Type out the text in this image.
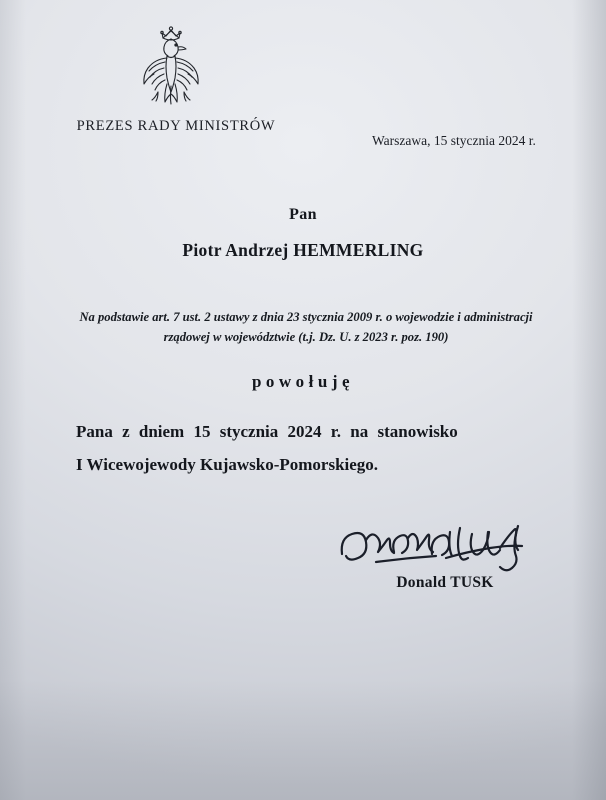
PREZES RADY MINISTRÓW
Warszawa, 15 stycznia 2024 r.
Pan
Piotr Andrzej HEMMERLING
Na podstawie art. 7 ust. 2 ustawy z dnia 23 stycznia 2009 r. o wojewodzie i administracji rządowej w województwie (t.j. Dz. U. z 2023 r. poz. 190)
powołuję
Pana z dniem 15 stycznia 2024 r. na stanowisko
I Wicewojewody Kujawsko-Pomorskiego.
Donald TUSK
